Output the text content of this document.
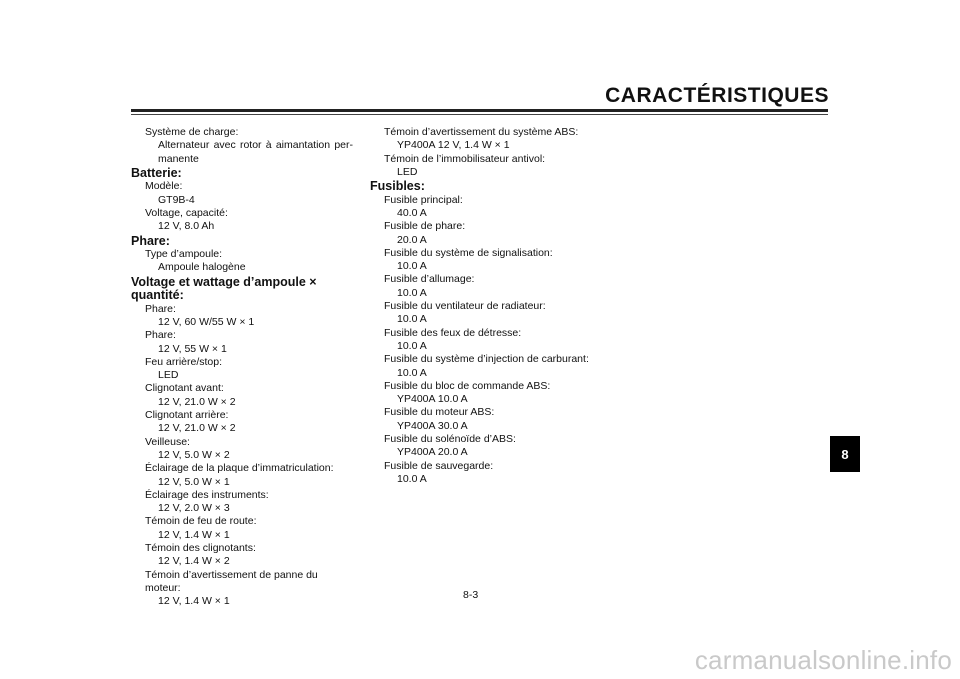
CARACTÉRISTIQUES
Système de charge:
Alternateur avec rotor à aimantation per- manente
Batterie:
Modèle:
GT9B-4
Voltage, capacité:
12 V, 8.0 Ah
Phare:
Type d’ampoule:
Ampoule halogène
Voltage et wattage d’ampoule × quantité:
Phare:
12 V, 60 W/55 W × 1
Phare:
12 V, 55 W × 1
Feu arrière/stop:
LED
Clignotant avant:
12 V, 21.0 W × 2
Clignotant arrière:
12 V, 21.0 W × 2
Veilleuse:
12 V, 5.0 W × 2
Éclairage de la plaque d’immatriculation:
12 V, 5.0 W × 1
Éclairage des instruments:
12 V, 2.0 W × 3
Témoin de feu de route:
12 V, 1.4 W × 1
Témoin des clignotants:
12 V, 1.4 W × 2
Témoin d’avertissement de panne du moteur:
12 V, 1.4 W × 1
Témoin d’avertissement du système ABS:
YP400A 12 V, 1.4 W × 1
Témoin de l’immobilisateur antivol:
LED
Fusibles:
Fusible principal:
40.0 A
Fusible de phare:
20.0 A
Fusible du système de signalisation:
10.0 A
Fusible d’allumage:
10.0 A
Fusible du ventilateur de radiateur:
10.0 A
Fusible des feux de détresse:
10.0 A
Fusible du système d’injection de carburant:
10.0 A
Fusible du bloc de commande ABS:
YP400A 10.0 A
Fusible du moteur ABS:
YP400A 30.0 A
Fusible du solénoïde d’ABS:
YP400A 20.0 A
Fusible de sauvegarde:
10.0 A
8
8-3
carmanualsonline.info
